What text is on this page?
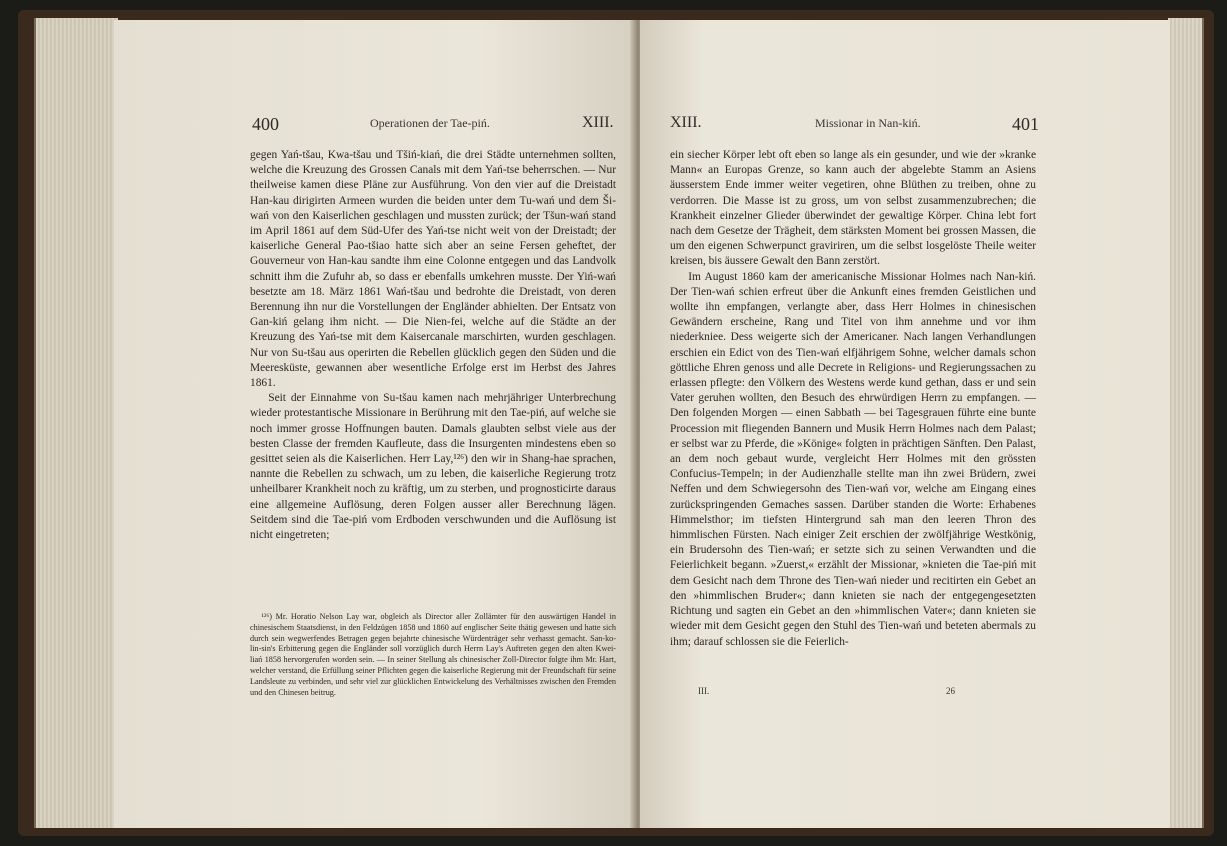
400	Operationen der Tae-piń.	XIII.

gegen Yań-tšau, Kwa-tšau und Tšiń-kiań, die drei Städte unternehmen sollten, welche die Kreuzung des Grossen Canals mit dem Yań-tse beherrschen. — Nur theilweise kamen diese Pläne zur Ausführung. Von den vier auf die Dreistadt Han-kau dirigirten Armeen wurden die beiden unter dem Tu-wań und dem Ši-wań von den Kaiserlichen geschlagen und mussten zurück; der Tšun-wań stand im April 1861 auf dem Süd-Ufer des Yań-tse nicht weit von der Dreistadt; der kaiserliche General Pao-tšiao hatte sich aber an seine Fersen geheftet, der Gouverneur von Han-kau sandte ihm eine Colonne entgegen und das Landvolk schnitt ihm die Zufuhr ab, so dass er ebenfalls umkehren musste. Der Yiń-wań besetzte am 18. März 1861 Wań-tšau und bedrohte die Dreistadt, von deren Berennung ihn nur die Vorstellungen der Engländer abhielten. Der Entsatz von Gan-kiń gelang ihm nicht. — Die Nien-fei, welche auf die Städte an der Kreuzung des Yań-tse mit dem Kaisercanale marschirten, wurden geschlagen. Nur von Su-tšau aus operirten die Rebellen glücklich gegen den Süden und die Meeresküste, gewannen aber wesentliche Erfolge erst im Herbst des Jahres 1861.

Seit der Einnahme von Su-tšau kamen nach mehrjähriger Unterbrechung wieder protestantische Missionare in Berührung mit den Tae-piń, auf welche sie noch immer grosse Hoffnungen bauten. Damals glaubten selbst viele aus der besten Classe der fremden Kaufleute, dass die Insurgenten mindestens eben so gesittet seien als die Kaiserlichen. Herr Lay,¹²⁶) den wir in Shang-hae sprachen, nannte die Rebellen zu schwach, um zu leben, die kaiserliche Regierung trotz unheilbarer Krankheit noch zu kräftig, um zu sterben, und prognosticirte daraus eine allgemeine Auflösung, deren Folgen ausser aller Berechnung lägen. Seitdem sind die Tae-piń vom Erdboden verschwunden und die Auflösung ist nicht eingetreten;

¹²⁶) Mr. Horatio Nelson Lay war, obgleich als Director aller Zollämter für den auswärtigen Handel in chinesischem Staatsdienst, in den Feldzügen 1858 und 1860 auf englischer Seite thätig gewesen und hatte sich durch sein wegwerfendes Betragen gegen bejahrte chinesische Würdenträger sehr verhasst gemacht. San-ko-lin-sin's Erbitterung gegen die Engländer soll vorzüglich durch Herrn Lay's Auftreten gegen den alten Kwei-liań 1858 hervorgerufen worden sein. — In seiner Stellung als chinesischer Zoll-Director folgte ihm Mr. Hart, welcher verstand, die Erfüllung seiner Pflichten gegen die kaiserliche Regierung mit der Freundschaft für seine Landsleute zu verbinden, und sehr viel zur glücklichen Entwickelung des Verhältnisses zwischen den Fremden und den Chinesen beitrug.

XIII.	Missionar in Nan-kiń.	401

ein siecher Körper lebt oft eben so lange als ein gesunder, und wie der »kranke Mann« an Europas Grenze, so kann auch der abgelebte Stamm an Asiens äusserstem Ende immer weiter vegetiren, ohne Blüthen zu treiben, ohne zu verdorren. Die Masse ist zu gross, um von selbst zusammenzubrechen; die Krankheit einzelner Glieder überwindet der gewaltige Körper. China lebt fort nach dem Gesetze der Trägheit, dem stärksten Moment bei grossen Massen, die um den eigenen Schwerpunct graviriren, um die selbst losgelöste Theile weiter kreisen, bis äussere Gewalt den Bann zerstört.

Im August 1860 kam der americanische Missionar Holmes nach Nan-kiń. Der Tien-wań schien erfreut über die Ankunft eines fremden Geistlichen und wollte ihn empfangen, verlangte aber, dass Herr Holmes in chinesischen Gewändern erscheine, Rang und Titel von ihm annehme und vor ihm niederkniee. Dess weigerte sich der Americaner. Nach langen Verhandlungen erschien ein Edict von des Tien-wań elfjährigem Sohne, welcher damals schon göttliche Ehren genoss und alle Decrete in Religions- und Regierungssachen zu erlassen pflegte: den Völkern des Westens werde kund gethan, dass er und sein Vater geruhen wollten, den Besuch des ehrwürdigen Herrn zu empfangen. — Den folgenden Morgen — einen Sabbath — bei Tagesgrauen führte eine bunte Procession mit fliegenden Bannern und Musik Herrn Holmes nach dem Palast; er selbst war zu Pferde, die »Könige« folgten in prächtigen Sänften. Den Palast, an dem noch gebaut wurde, vergleicht Herr Holmes mit den grössten Confucius-Tempeln; in der Audienzhalle stellte man ihn zwei Brüdern, zwei Neffen und dem Schwiegersohn des Tien-wań vor, welche am Eingang eines zurückspringenden Gemaches sassen. Darüber standen die Worte: Erhabenes Himmelsthor; im tiefsten Hintergrund sah man den leeren Thron des himmlischen Fürsten. Nach einiger Zeit erschien der zwölfjährige Westkönig, ein Brudersohn des Tien-wań; er setzte sich zu seinen Verwandten und die Feierlichkeit begann. »Zuerst,« erzählt der Missionar, »knieten die Tae-piń mit dem Gesicht nach dem Throne des Tien-wań nieder und recitirten ein Gebet an den »himmlischen Bruder«; dann knieten sie nach der entgegengesetzten Richtung und sagten ein Gebet an den »himmlischen Vater«; dann knieten sie wieder mit dem Gesicht gegen den Stuhl des Tien-wań und beteten abermals zu ihm; darauf schlossen sie die Feierlich-

III.	26
